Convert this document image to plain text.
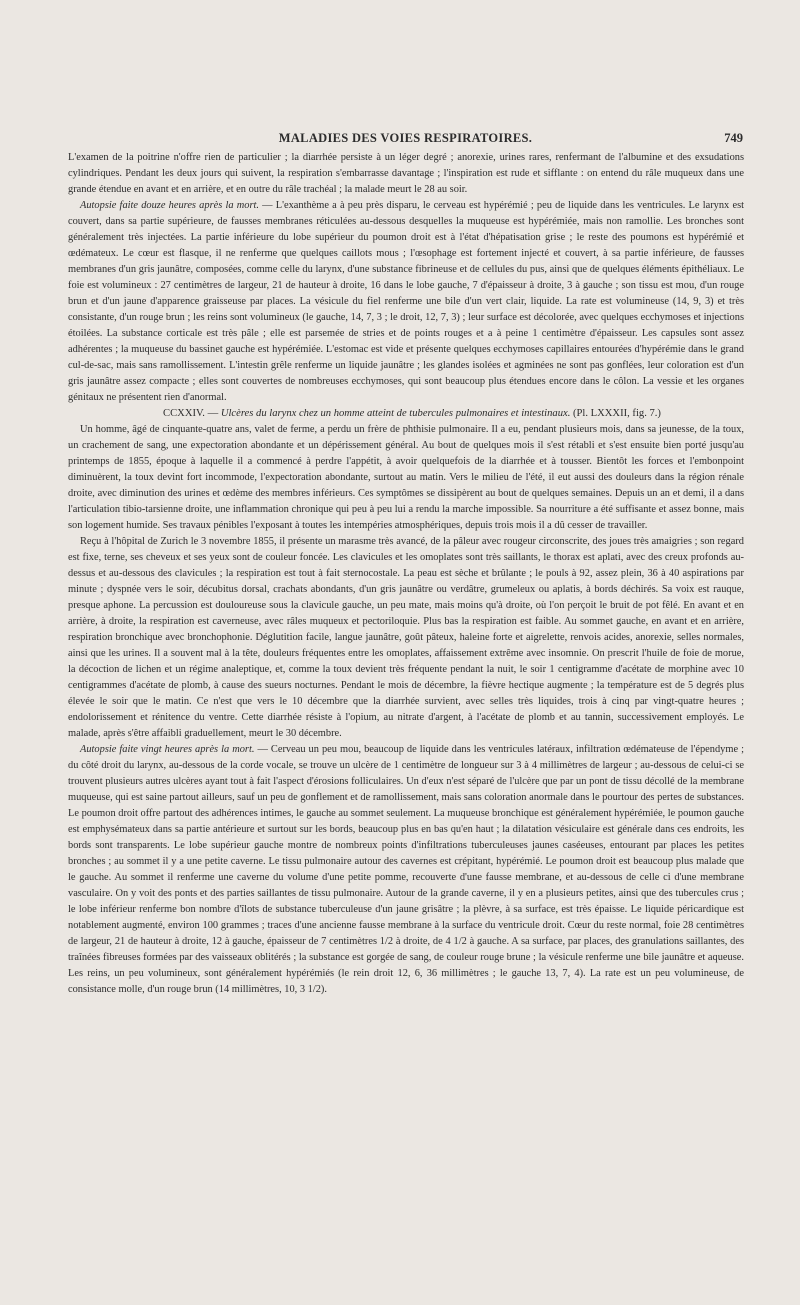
MALADIES DES VOIES RESPIRATOIRES.	749

L'examen de la poitrine n'offre rien de particulier ; la diarrhée persiste à un léger degré ; anorexie, urines rares, renfermant de l'albumine et des exsudations cylindriques. Pendant les deux jours qui suivent, la respiration s'embarrasse davantage ; l'inspiration est rude et sifflante : on entend du râle muqueux dans une grande étendue en avant et en arrière, et en outre du râle trachéal ; la malade meurt le 28 au soir.

Autopsie faite douze heures après la mort. — L'exanthème a à peu près disparu, le cerveau est hypérémié ; peu de liquide dans les ventricules. Le larynx est couvert, dans sa partie supérieure, de fausses membranes réticulées au-dessous desquelles la muqueuse est hypérémiée, mais non ramollie. Les bronches sont généralement très injectées. La partie inférieure du lobe supérieur du poumon droit est à l'état d'hépatisation grise ; le reste des poumons est hypérémié et œdémateux. Le cœur est flasque, il ne renferme que quelques caillots mous ; l'œsophage est fortement injecté et couvert, à sa partie inférieure, de fausses membranes d'un gris jaunâtre, composées, comme celle du larynx, d'une substance fibrineuse et de cellules du pus, ainsi que de quelques éléments épithéliaux. Le foie est volumineux : 27 centimètres de largeur, 21 de hauteur à droite, 16 dans le lobe gauche, 7 d'épaisseur à droite, 3 à gauche ; son tissu est mou, d'un rouge brun et d'un jaune d'apparence graisseuse par places. La vésicule du fiel renferme une bile d'un vert clair, liquide. La rate est volumineuse (14, 9, 3) et très consistante, d'un rouge brun ; les reins sont volumineux (le gauche, 14, 7, 3 ; le droit, 12, 7, 3) ; leur surface est décolorée, avec quelques ecchymoses et injections étoilées. La substance corticale est très pâle ; elle est parsemée de stries et de points rouges et a à peine 1 centimètre d'épaisseur. Les capsules sont assez adhérentes ; la muqueuse du bassinet gauche est hypérémiée. L'estomac est vide et présente quelques ecchymoses capillaires entourées d'hypérémie dans le grand cul-de-sac, mais sans ramollissement. L'intestin grêle renferme un liquide jaunâtre ; les glandes isolées et agminées ne sont pas gonflées, leur coloration est d'un gris jaunâtre assez compacte ; elles sont couvertes de nombreuses ecchymoses, qui sont beaucoup plus étendues encore dans le côlon. La vessie et les organes génitaux ne présentent rien d'anormal.

CCXXIV. — Ulcères du larynx chez un homme atteint de tubercules pulmonaires et intestinaux. (Pl. LXXXII, fig. 7.)

Un homme, âgé de cinquante-quatre ans, valet de ferme, a perdu un frère de phthisie pulmonaire. Il a eu, pendant plusieurs mois, dans sa jeunesse, de la toux, un crachement de sang, une expectoration abondante et un dépérissement général. Au bout de quelques mois il s'est rétabli et s'est ensuite bien porté jusqu'au printemps de 1855, époque à laquelle il a commencé à perdre l'appétit, à avoir quelquefois de la diarrhée et à tousser. Bientôt les forces et l'embonpoint diminuèrent, la toux devint fort incommode, l'expectoration abondante, surtout au matin. Vers le milieu de l'été, il eut aussi des douleurs dans la région rénale droite, avec diminution des urines et œdème des membres inférieurs. Ces symptômes se dissipèrent au bout de quelques semaines. Depuis un an et demi, il a dans l'articulation tibio-tarsienne droite, une inflammation chronique qui peu à peu lui a rendu la marche impossible. Sa nourriture a été suffisante et assez bonne, mais son logement humide. Ses travaux pénibles l'exposant à toutes les intempéries atmosphériques, depuis trois mois il a dû cesser de travailler.

Reçu à l'hôpital de Zurich le 3 novembre 1855, il présente un marasme très avancé, de la pâleur avec rougeur circonscrite, des joues très amaigries ; son regard est fixe, terne, ses cheveux et ses yeux sont de couleur foncée. Les clavicules et les omoplates sont très saillants, le thorax est aplati, avec des creux profonds au-dessus et au-dessous des clavicules ; la respiration est tout à fait sternocostale. La peau est sèche et brûlante ; le pouls à 92, assez plein, 36 à 40 aspirations par minute ; dyspnée vers le soir, décubitus dorsal, crachats abondants, d'un gris jaunâtre ou verdâtre, grumeleux ou aplatis, à bords déchirés. Sa voix est rauque, presque aphone. La percussion est douloureuse sous la clavicule gauche, un peu mate, mais moins qu'à droite, où l'on perçoit le bruit de pot fêlé. En avant et en arrière, à droite, la respiration est caverneuse, avec râles muqueux et pectoriloquie. Plus bas la respiration est faible. Au sommet gauche, en avant et en arrière, respiration bronchique avec bronchophonie. Déglutition facile, langue jaunâtre, goût pâteux, haleine forte et aigrelette, renvois acides, anorexie, selles normales, ainsi que les urines. Il a souvent mal à la tête, douleurs fréquentes entre les omoplates, affaissement extrême avec insomnie. On prescrit l'huile de foie de morue, la décoction de lichen et un régime analeptique, et, comme la toux devient très fréquente pendant la nuit, le soir 1 centigramme d'acétate de morphine avec 10 centigrammes d'acétate de plomb, à cause des sueurs nocturnes. Pendant le mois de décembre, la fièvre hectique augmente ; la température est de 5 degrés plus élevée le soir que le matin. Ce n'est que vers le 10 décembre que la diarrhée survient, avec selles très liquides, trois à cinq par vingt-quatre heures ; endolorissement et rénitence du ventre. Cette diarrhée résiste à l'opium, au nitrate d'argent, à l'acétate de plomb et au tannin, successivement employés. Le malade, après s'être affaibli graduellement, meurt le 30 décembre.

Autopsie faite vingt heures après la mort. — Cerveau un peu mou, beaucoup de liquide dans les ventricules latéraux, infiltration œdémateuse de l'épendyme ; du côté droit du larynx, au-dessous de la corde vocale, se trouve un ulcère de 1 centimètre de longueur sur 3 à 4 millimètres de largeur ; au-dessous de celui-ci se trouvent plusieurs autres ulcères ayant tout à fait l'aspect d'érosions folliculaires. Un d'eux n'est séparé de l'ulcère que par un pont de tissu décollé de la membrane muqueuse, qui est saine partout ailleurs, sauf un peu de gonflement et de ramollissement, mais sans coloration anormale dans le pourtour des pertes de substances. Le poumon droit offre partout des adhérences intimes, le gauche au sommet seulement. La muqueuse bronchique est généralement hypérémiée, le poumon gauche est emphysémateux dans sa partie antérieure et surtout sur les bords, beaucoup plus en bas qu'en haut ; la dilatation vésiculaire est générale dans ces endroits, les bords sont transparents. Le lobe supérieur gauche montre de nombreux points d'infiltrations tuberculeuses jaunes caséeuses, entourant par places les petites bronches ; au sommet il y a une petite caverne. Le tissu pulmonaire autour des cavernes est crépitant, hypérémié. Le poumon droit est beaucoup plus malade que le gauche. Au sommet il renferme une caverne du volume d'une petite pomme, recouverte d'une fausse membrane, et au-dessous de celle ci d'une membrane vasculaire. On y voit des ponts et des parties saillantes de tissu pulmonaire. Autour de la grande caverne, il y en a plusieurs petites, ainsi que des tubercules crus ; le lobe inférieur renferme bon nombre d'îlots de substance tuberculeuse d'un jaune grisâtre ; la plèvre, à sa surface, est très épaisse. Le liquide péricardique est notablement augmenté, environ 100 grammes ; traces d'une ancienne fausse membrane à la surface du ventricule droit. Cœur du reste normal, foie 28 centimètres de largeur, 21 de hauteur à droite, 12 à gauche, épaisseur de 7 centimètres 1/2 à droite, de 4 1/2 à gauche. A sa surface, par places, des granulations saillantes, des traînées fibreuses formées par des vaisseaux oblitérés ; la substance est gorgée de sang, de couleur rouge brune ; la vésicule renferme une bile jaunâtre et aqueuse. Les reins, un peu volumineux, sont généralement hypérémiés (le rein droit 12, 6, 36 millimètres ; le gauche 13, 7, 4). La rate est un peu volumineuse, de consistance molle, d'un rouge brun (14 millimètres, 10, 3 1/2).
